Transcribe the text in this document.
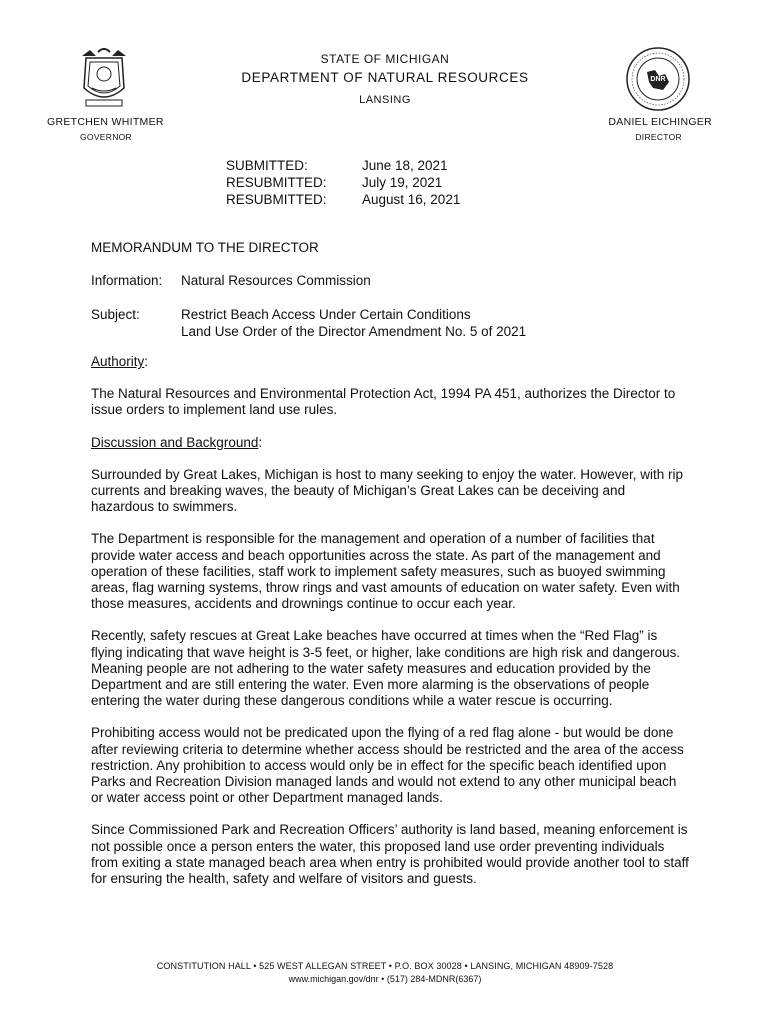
STATE OF MICHIGAN
DEPARTMENT OF NATURAL RESOURCES
LANSING
DNR
GRETCHEN WHITMER
GOVERNOR
DANIEL EICHINGER
DIRECTOR
SUBMITTED:	June 18, 2021
RESUBMITTED:	July 19, 2021
RESUBMITTED:	August 16, 2021
MEMORANDUM TO THE DIRECTOR
Information:	Natural Resources Commission
Subject:	Restrict Beach Access Under Certain Conditions
Land Use Order of the Director Amendment No. 5 of 2021

Authority:

The Natural Resources and Environmental Protection Act, 1994 PA 451, authorizes the Director to issue orders to implement land use rules.

Discussion and Background:

Surrounded by Great Lakes, Michigan is host to many seeking to enjoy the water. However, with rip currents and breaking waves, the beauty of Michigan’s Great Lakes can be deceiving and hazardous to swimmers.

The Department is responsible for the management and operation of a number of facilities that provide water access and beach opportunities across the state. As part of the management and operation of these facilities, staff work to implement safety measures, such as buoyed swimming areas, flag warning systems, throw rings and vast amounts of education on water safety. Even with those measures, accidents and drownings continue to occur each year.

Recently, safety rescues at Great Lake beaches have occurred at times when the “Red Flag” is flying indicating that wave height is 3-5 feet, or higher, lake conditions are high risk and dangerous. Meaning people are not adhering to the water safety measures and education provided by the Department and are still entering the water. Even more alarming is the observations of people entering the water during these dangerous conditions while a water rescue is occurring.

Prohibiting access would not be predicated upon the flying of a red flag alone - but would be done after reviewing criteria to determine whether access should be restricted and the area of the access restriction. Any prohibition to access would only be in effect for the specific beach identified upon Parks and Recreation Division managed lands and would not extend to any other municipal beach or water access point or other Department managed lands.

Since Commissioned Park and Recreation Officers’ authority is land based, meaning enforcement is not possible once a person enters the water, this proposed land use order preventing individuals from exiting a state managed beach area when entry is prohibited would provide another tool to staff for ensuring the health, safety and welfare of visitors and guests.

CONSTITUTION HALL • 525 WEST ALLEGAN STREET • P.O. BOX 30028 • LANSING, MICHIGAN 48909-7528
www.michigan.gov/dnr • (517) 284-MDNR(6367)
